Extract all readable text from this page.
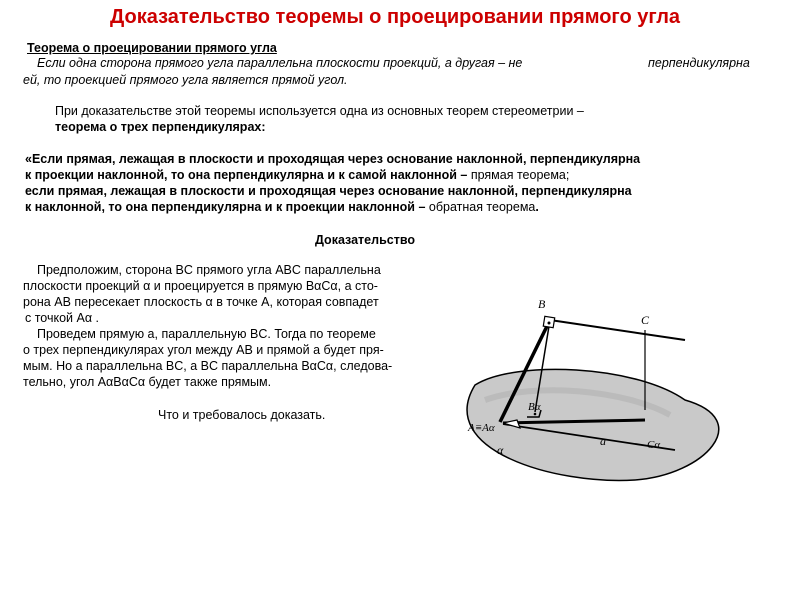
Доказательство теоремы о проецировании прямого угла
Теорема о проецировании прямого угла
Если одна сторона прямого угла параллельна плоскости проекций, а другая – не	перпендикулярна
ей, то проекцией прямого угла является прямой угол.
При доказательстве этой теоремы используется одна из основных теорем стереометрии –
теорема о трех перпендикулярах:
«Если прямая, лежащая в плоскости и проходящая через основание наклонной, перпендикулярна
к проекции наклонной, то она перпендикулярна и к самой наклонной – прямая теорема;
если прямая, лежащая в плоскости и проходящая через основание наклонной, перпендикулярна
к наклонной, то она перпендикулярна и к проекции наклонной – обратная теорема.
Доказательство
Предположим, сторона BC прямого угла ABC параллельна
плоскости проекций α и проецируется в прямую BαCα, а сто-
рона AB пересекает плоскость α в точке A, которая совпадет
с точкой Aα .
Проведем прямую a, параллельную BC. Тогда по теореме
о трех перпендикулярах угол между AB и прямой a будет пря-
мым. Но а параллельна BC, а BC параллельна BαCα, следова-
тельно, угол AαBαCα будет также прямым.
Что и требовалось доказать.
B
C
Bα
A≡Aα
a	Cα
α
